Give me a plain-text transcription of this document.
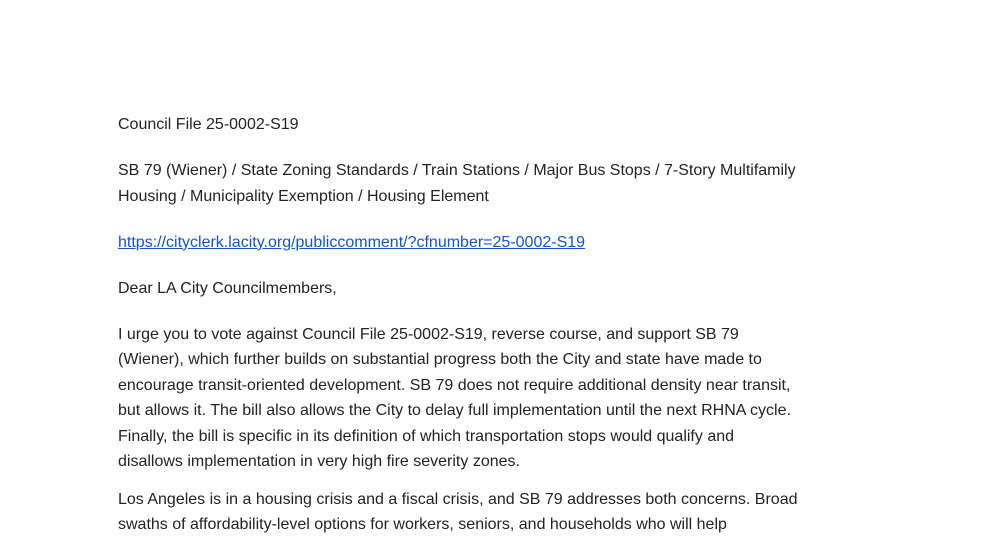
Council File 25-0002-S19
SB 79 (Wiener) / State Zoning Standards / Train Stations / Major Bus Stops / 7-Story Multifamily
Housing / Municipality Exemption / Housing Element
https://cityclerk.lacity.org/publiccomment/?cfnumber=25-0002-S19
Dear LA City Councilmembers,
I urge you to vote against Council File 25-0002-S19, reverse course, and support SB 79
(Wiener), which further builds on substantial progress both the City and state have made to
encourage transit-oriented development. SB 79 does not require additional density near transit,
but allows it. The bill also allows the City to delay full implementation until the next RHNA cycle.
Finally, the bill is specific in its definition of which transportation stops would qualify and
disallows implementation in very high fire severity zones.
Los Angeles is in a housing crisis and a fiscal crisis, and SB 79 addresses both concerns. Broad
swaths of affordability-level options for workers, seniors, and households who will help
